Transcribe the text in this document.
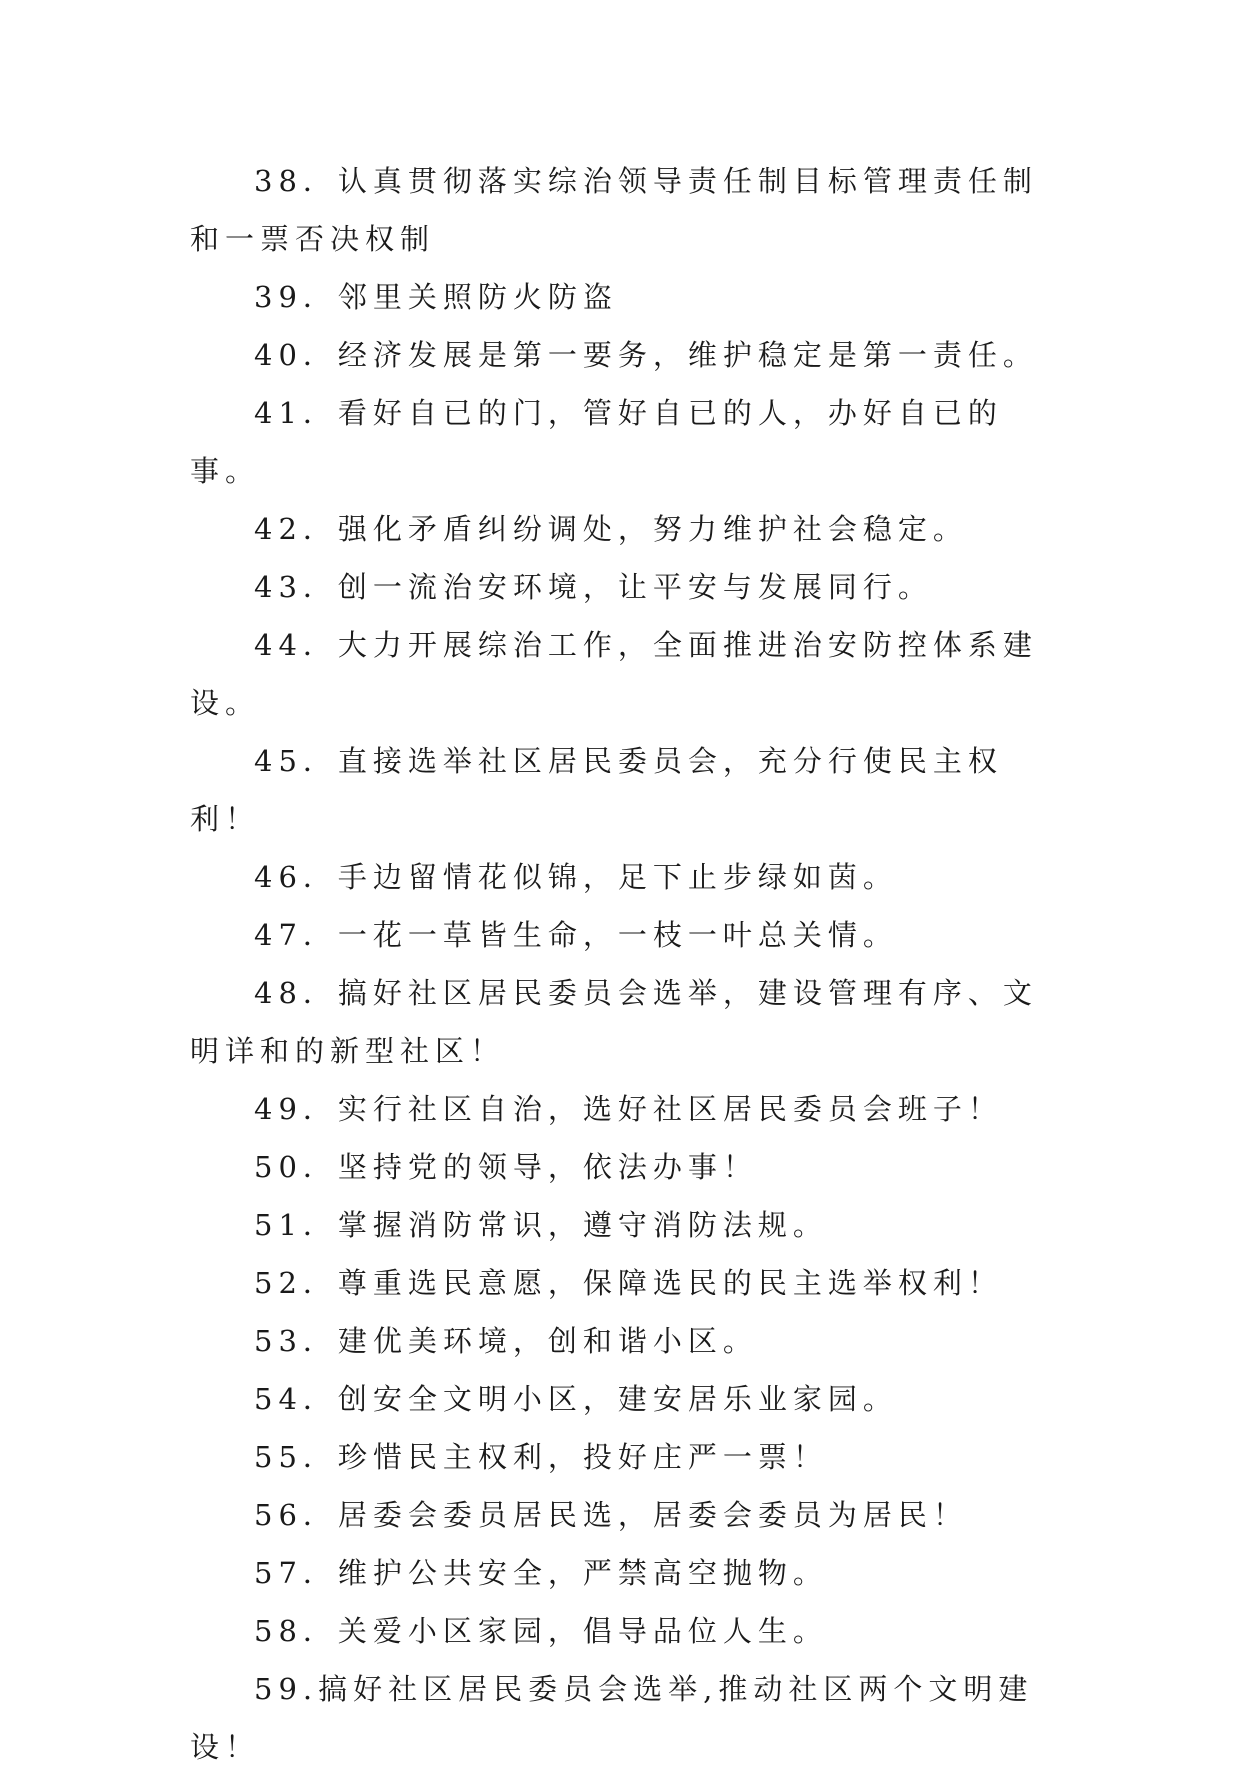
38．认真贯彻落实综治领导责任制目标管理责任制和一票否决权制

39．邻里关照防火防盗

40．经济发展是第一要务，维护稳定是第一责任。

41．看好自已的门，管好自已的人，办好自已的事。

42．强化矛盾纠纷调处，努力维护社会稳定。

43．创一流治安环境，让平安与发展同行。

44．大力开展综治工作，全面推进治安防控体系建设。

45．直接选举社区居民委员会，充分行使民主权利！

46．手边留情花似锦，足下止步绿如茵。

47．一花一草皆生命，一枝一叶总关情。

48．搞好社区居民委员会选举，建设管理有序、文明详和的新型社区！

49．实行社区自治，选好社区居民委员会班子！

50．坚持党的领导，依法办事！

51．掌握消防常识，遵守消防法规。

52．尊重选民意愿，保障选民的民主选举权利！

53．建优美环境，创和谐小区。

54．创安全文明小区，建安居乐业家园。

55．珍惜民主权利，投好庄严一票！

56．居委会委员居民选，居委会委员为居民！

57．维护公共安全，严禁高空抛物。

58．关爱小区家园，倡导品位人生。

59.搞好社区居民委员会选举,推动社区两个文明建设！
